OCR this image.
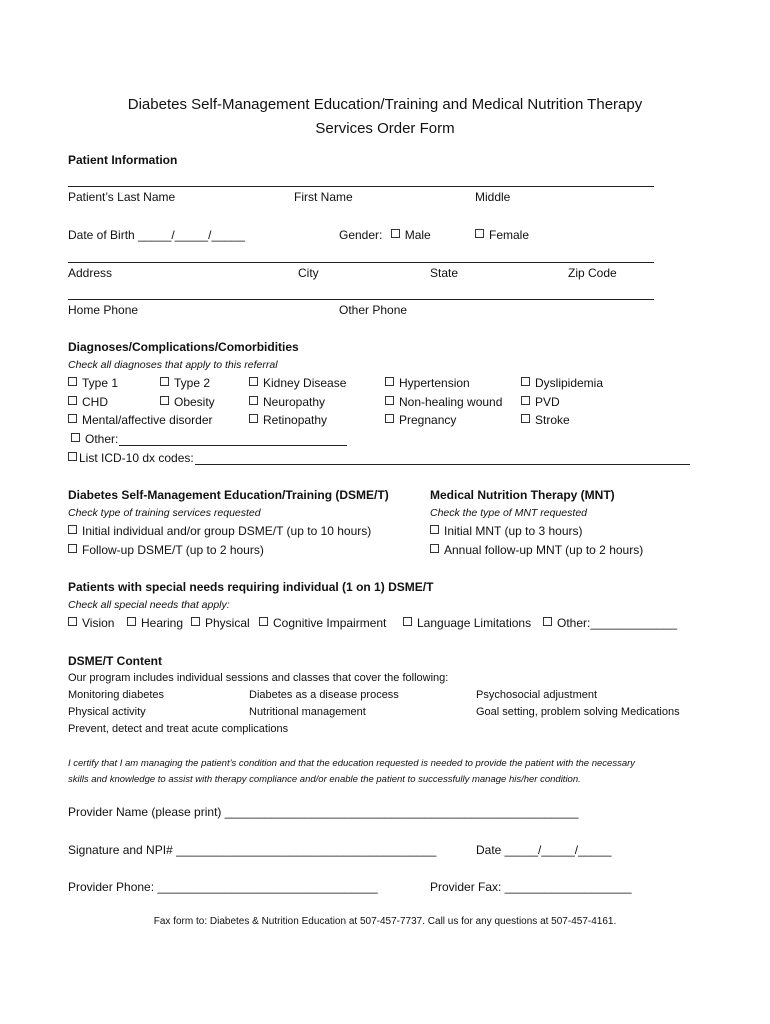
Diabetes Self-Management Education/Training and Medical Nutrition Therapy
Services Order Form
Patient Information
Patient’s Last Name	First Name	Middle
Date of Birth _____/_____/_____	Gender: Male	Female
Address	City	State	Zip Code
Home Phone	Other Phone
Diagnoses/Complications/Comorbidities
Check all diagnoses that apply to this referral
Type 1	Type 2	Kidney Disease	Hypertension	Dyslipidemia
CHD	Obesity	Neuropathy	Non-healing wound	PVD
Mental/affective disorder	Retinopathy	Pregnancy	Stroke
Other:
List ICD-10 dx codes:
Diabetes Self-Management Education/Training (DSME/T)
Check type of training services requested
Initial individual and/or group DSME/T (up to 10 hours)
Follow-up DSME/T (up to 2 hours)
Medical Nutrition Therapy (MNT)
Check the type of MNT requested
Initial MNT (up to 3 hours)
Annual follow-up MNT (up to 2 hours)
Patients with special needs requiring individual (1 on 1) DSME/T
Check all special needs that apply:
Vision	Hearing	Physical	Cognitive Impairment	Language Limitations	Other:_____________
DSME/T Content
Our program includes individual sessions and classes that cover the following:
Monitoring diabetes	Diabetes as a disease process	Psychosocial adjustment
Physical activity	Nutritional management	Goal setting, problem solving Medications
Prevent, detect and treat acute complications
I certify that I am managing the patient’s condition and that the education requested is needed to provide the patient with the necessary
skills and knowledge to assist with therapy compliance and/or enable the patient to successfully manage his/her condition.
Provider Name (please print) _____________________________________________________
Signature and NPI# _______________________________________	Date _____/_____/_____
Provider Phone: _________________________________	Provider Fax: ___________________
Fax form to: Diabetes & Nutrition Education at 507-457-7737. Call us for any questions at 507-457-4161.
